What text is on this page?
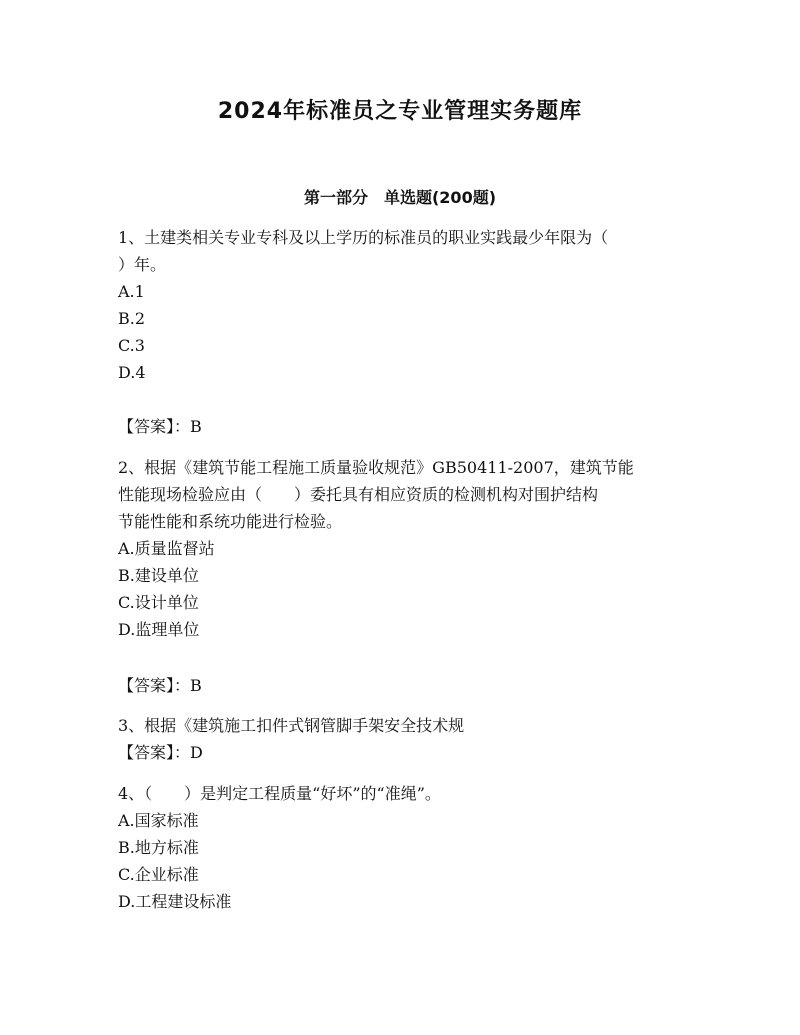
2024年标准员之专业管理实务题库
第一部分　单选题(200题)
1、土建类相关专业专科及以上学历的标准员的职业实践最少年限为（
）年。
A.1
B.2
C.3
D.4
【答案】：B
2、根据《建筑节能工程施工质量验收规范》GB50411-2007，建筑节能
性能现场检验应由（　　）委托具有相应资质的检测机构对围护结构
节能性能和系统功能进行检验。
A.质量监督站
B.建设单位
C.设计单位
D.监理单位
【答案】：B
3、根据《建筑施工扣件式钢管脚手架安全技术规
【答案】：D
4、（　　）是判定工程质量“好坏”的“准绳”。
A.国家标准
B.地方标准
C.企业标准
D.工程建设标准
